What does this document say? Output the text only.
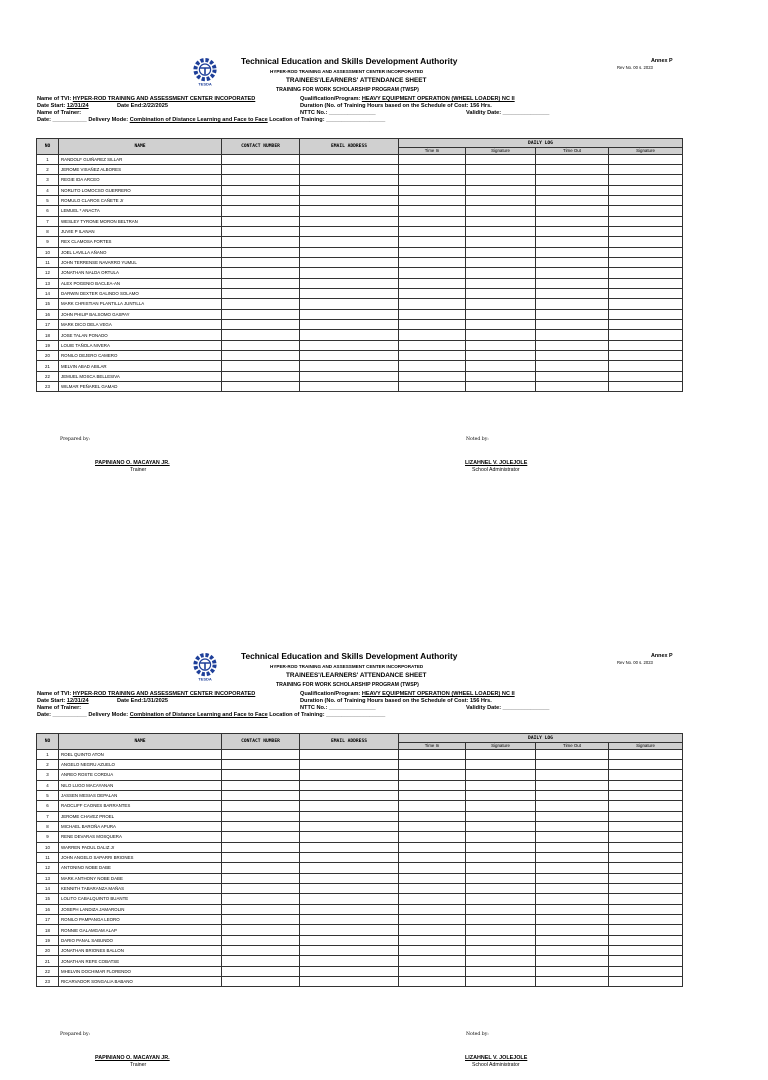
TESDA
Technical Education and Skills Development Authority
HYPER-ROD TRAINING AND ASSESSMENT CENTER INCORPORATED
TRAINEES'/LEARNERS' ATTENDANCE SHEET
TRAINING FOR WORK SCHOLARSHIP PROGRAM (TWSP)
Annex P
Rev No. 00 s. 2023
Name of TVI: HYPER-ROD TRAINING AND ASSESSMENT CENTER INCOPORATED
Date Start: 12/31/24	Date End:2/22/2025
Name of Trainer:
Date: ___________ Delivery Mode: Combination of Distance Learning and Face to Face Location of Training: ___________________
Qualification/Program: HEAVY EQUIPMENT OPERATION (WHEEL LOADER) NC II
Duration (No. of Training Hours based on the Schedule of Cost: 156 Hrs.
NTTC No.: _______________	Validity Date: _______________
NO	NAME	CONTACT NUMBER	EMAIL ADDRESS	DAILY LOG			
				Time In	Signature	Time Out	Signature
1	RANDOLF GUIÑAREZ SILLAR						
2	JEROME VISAÑEZ ALBORES						
3	REGIE IDA ARCEO						
4	NORLITO LOMOCSO GUERRERO						
5	ROMULO CLAROS CAÑETE Jr						
6	LEMUEL * ANACTA						
7	WESLEY TYRONE MORON BELTRAN						
8	JUVIE P ILANAN						
9	REX CLAMOSA FORTES						
10	JOEL LAVILLA AÑANO						
11	JOHN TERRENSE NAVARRO YUMUL						
12	JONATHAN NALDA ORTULA						
13	ALEX POGENIO BACLEA-AN						
14	DARWIN DEXTER GALINDO SOLAMO						
15	MARK CHRISTIAN PLANTILLA JUNTILLA						
16	JOHN PHILIP BALSOMO GASPAY						
17	MARK DICO DELA VEGA						
18	JOSE TALAN PONADO						
19	LOUIE TAÑOLA NIVERA						
20	RONILO DEJERO CAMERO						
21	MELVIN ABAD ABILAR						
22	JEMUEL MOSCA BELLESIVA						
23	WILMAR PEÑAREL GAMAD						
Prepared by:	Noted by:
PAPINIANO O. MACAYAN JR.
Trainer
LIZAHNEL V. JOLEJOLE
School Administrator
TESDA
Technical Education and Skills Development Authority
HYPER-ROD TRAINING AND ASSESSMENT CENTER INCORPORATED
TRAINEES'/LEARNERS' ATTENDANCE SHEET
TRAINING FOR WORK SCHOLARSHIP PROGRAM (TWSP)
Annex P
Rev No. 00 s. 2023
Name of TVI: HYPER-ROD TRAINING AND ASSESSMENT CENTER INCOPORATED
Date Start: 12/31/24	Date End:1/31/2025
Name of Trainer:
Date: ___________ Delivery Mode: Combination of Distance Learning and Face to Face Location of Training: ___________________
Qualification/Program: HEAVY EQUIPMENT OPERATION (WHEEL LOADER) NC II
Duration (No. of Training Hours based on the Schedule of Cost: 156 Hrs.
NTTC No.: _______________	Validity Date: _______________
NO	NAME	CONTACT NUMBER	EMAIL ADDRESS	DAILY LOG			
				Time In	Signature	Time Out	Signature
1	ROEL QUINTO ATON						
2	ANGELO NEGRU AZUELO						
3	ANREO ROSTE CORDUA						
4	NILO LUGO MACAYANAN						
5	JASSEN MESIAS DEPALAN						
6	RADCLIFF CAONES BARRANTES						
7	JEROME CHAVEZ PROEL						
8	MICHAEL BAROÑA APURA						
9	RENE DEVARAS MOSQUERA						
10	WARREN PADUL DALIZ Jr						
11	JOHN ANGELO SAPARRI BRIONES						
12	ANTONINO NOBE DABE						
13	MARK ANTHONY NOBE DABE						
14	KENNITH TABARANZA MAÑAS						
15	LOLITO CABALQUINTO BUANTE						
16	JOSEPH LANDIZA JAMAROLIN						
17	RONILO PAMPANGA LEORO						
18	RONNIE GALAMGAM ALAP						
19	DARIO PANAL SABUNDO						
20	JONATHAN BRIONES BALLON						
21	JONATHAN REFE COBATSE						
22	MHELVIN DOCHIMAR FLORENDO						
23	RICARVADOR SONGALIA BABANO						
Prepared by:	Noted by:
PAPINIANO O. MACAYAN JR.
Trainer
LIZAHNEL V. JOLEJOLE
School Administrator
